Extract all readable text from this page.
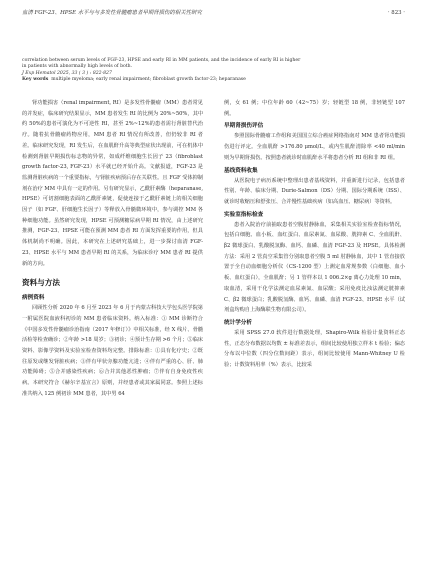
血清 FGF-23、HPSE 水平与与多发性骨髓瘤患者早期肾损伤的相关性研究	· 823 ·

correlation between serum levels of FGF-23, HPSE and early RI in MM patients, and the incidence of early RI is higher

in patients with abnormally high levels of both.

J Exp Hematol 2025, 33 ( 3 ) : 822-827

Key words multiple myeloma; early renal impairment; fibroblast growth factor-23; heparanase

肾功能损害（renal impairment, RI）是多发性骨髓瘤（MM）患者常见的并发症，临床研究结果显示，MM 患者发生 RI 的比例为 20%~50%，其中约 50%的患者可演化为不可逆性 RI，甚至 2%~12%的患者需行肾脏替代治疗。随着抗骨髓瘤药物应用，MM 患者 RI 情况有所改善，但仍较非 RI 者差。临床研究发现，RI 发生后，在血肌酐升高等典型症状出现前，可在机体中检测到肾脏早期损伤标志物的异常，如成纤维细胞生长因子 23（fibroblast growth factor-23, FGF-23）水平就已经开始升高。文献报道，FGF-23 是监测肾脏疾病的一个重要指标，与肾脏疾病预后存在关联性。且 FGF 受体抑制剂在治疗 MM 中具有一定的作用。另有研究显示，乙酰肝素酶（heparanase, HPSE）可切割细胞表面的乙酰肝素链，促使连接于乙酰肝素链上的相关细胞因子（如 FGF、肝细胞生长因子）等释放入骨髓微环境中，参与调控 MM 各种细胞功能。虽然研究发现，HPSE 可预测糖尿病早期 RI 情况，由上述研究推测，FGF-23、HPSE 可能在预测 MM 患者 RI 方面发挥重要的作用，但具体机制尚不明确。因此，本研究在上述研究基础上，进一步探讨血清 FGF-23、HPSE 水平与 MM 患者早期 RI 的关系，为临床诊疗 MM 患者 RI 提供新的方向。

资料与方法
病例资料

回顾性分析 2020 年 6 月至 2023 年 6 月于内蒙古科技大学包头医学院第一附属医院血液科初诊的 MM 患者临床资料。纳入标准：① MM 诊断符合《中国多发性骨髓瘤诊治指南（2017 年修订）》中相关标准，经 X 线片、骨髓活检等检查确诊；②年龄 >18 周岁；③初诊；④预计生存期 >6 个月；⑤临床资料、影像学资料及实验室检查资料均完整。排除标准：①具有化疗史；②既往原发或继发肾脏疾病；③伴有甲状旁腺功能亢进；④伴有严重的心、肝、肺功能障碍；⑤合并感染性疾病；⑥合并其他恶性肿瘤；⑦伴有自身免疫性疾病。本研究符合《赫尔辛基宣言》原则，并经患者或其家属同意。参照上述标准共纳入 125 例初诊 MM 患者，其中男 64

例，女 61 例；中位年龄 60（42~75）岁；轻链型 18 例，非轻链型 107 例。

早期肾损伤评估

参照国际骨髓瘤工作组和美国国立综合癌症网络指南对 MM 患者肾功能损伤进行评定。全血肌酐 >176.80 μmol/L，或内生肌酐清除率 <40 ml/min 则为早期肾损伤。按照患者就诊时血肌酐水平将患者分析 RI 组和非 RI 组。

基线资料收集

从医院电子病历系统中整理出患者基线资料，并重新进行记录，包括患者性别、年龄、临床分期、Durie-Salmon（DS）分期、国际分期系统（ISS）、就诊时收缩压和舒张压、合并慢性基础疾病（如高血压、糖尿病）等资料。

实验室指标检查

患者入院治疗前抽取患者空腹肘静脉血，采集相关实验室检查指标情况，包括白细胞、血小板、血红蛋白、血尿素氮、血尿酸、胱抑素 C、全血肌酐、β2 微球蛋白、乳酸脱氢酶、血钙、血磷、血清 FGF-23 及 HPSE。具体检测方法：采用 2 管真空采集管分别取患者空腹 5 ml 肘静脉血，其中 1 管直接放置于全自动血细胞分析仪（CS-1200 型）上测定血常规参数（白细胞、血小板、血红蛋白），全血肌酐；另 1 管样本以 1 006.2×g 离心力处理 10 min，取血清，采用干化学法测定血尿素氮、血尿酸；采用免疫比浊法测定胱抑素 C、β2 微球蛋白；乳酸脱氢酶、血钙、血磷、血清 FGF-23、HPSE 水平（试剂盒均购自上海酶联生物有限公司）。

统计学分析

采用 SPSS 27.0 软件进行数据处理，Shapiro-Wilk 检验计量资料正态性，正态分布数据以均数 ± 标准差表示，组间比较使用独立样本 t 检验；偏态分布以中位数（四分位数间距）表示，组间比较使用 Mann-Whitney U 检验；计数资料用率（%）表示，比较采
